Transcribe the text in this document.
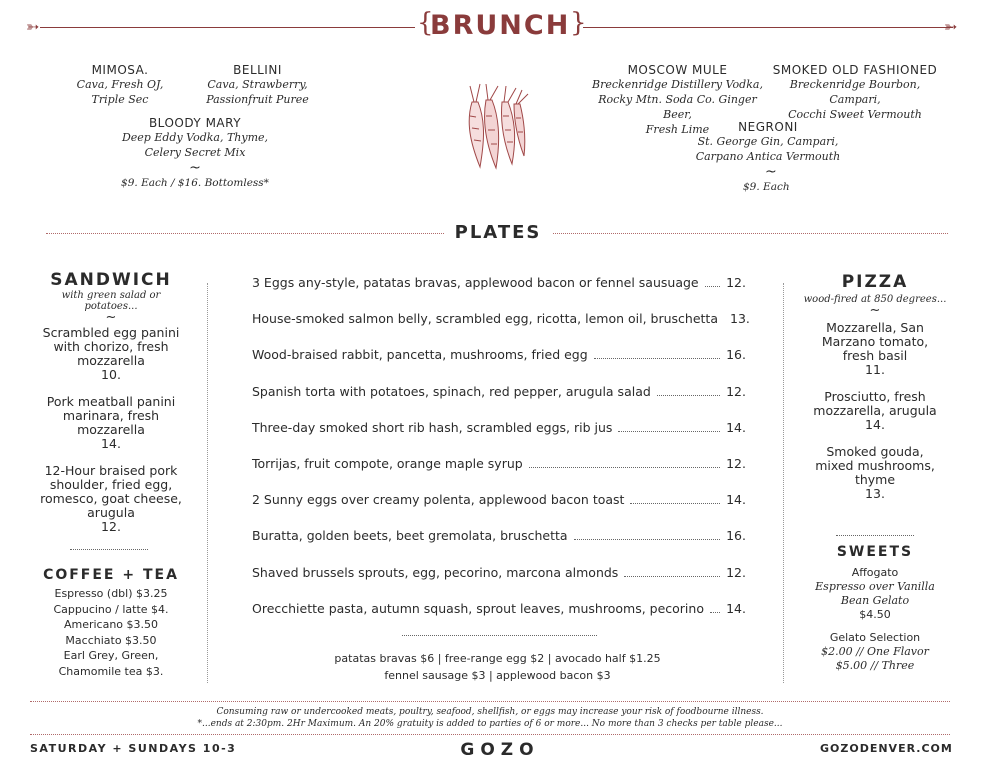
➳	➳
{	}
BRUNCH
MIMOSA.
Cava, Fresh OJ,
Triple Sec
BELLINI
Cava, Strawberry,
Passionfruit Puree
BLOODY MARY
Deep Eddy Vodka, Thyme,
Celery Secret Mix
~
$9. Each / $16. Bottomless*
MOSCOW MULE
Breckenridge Distillery Vodka,
Rocky Mtn. Soda Co. Ginger Beer,
Fresh Lime
SMOKED OLD FASHIONED
Breckenridge Bourbon, Campari,
Cocchi Sweet Vermouth
NEGRONI
St. George Gin, Campari,
Carpano Antica Vermouth
~
$9. Each
PLATES
SANDWICH
with green salad or potatoes...
~
Scrambled egg panini
with chorizo, fresh
mozzarella
10.
Pork meatball panini
marinara, fresh
mozzarella
14.
12-Hour braised pork
shoulder, fried egg,
romesco, goat cheese,
arugula
12.
COFFEE + TEA
Espresso (dbl) $3.25
Cappucino / latte $4.
Americano $3.50
Macchiato $3.50
Earl Grey, Green,
Chamomile tea $3.
3 Eggs any-style, patatas bravas, applewood bacon or fennel sausuage 12.
House-smoked salmon belly, scrambled egg, ricotta, lemon oil, bruschetta 13.
Wood-braised rabbit, pancetta, mushrooms, fried egg	16.
Spanish torta with potatoes, spinach, red pepper, arugula salad	12.
Three-day smoked short rib hash, scrambled eggs, rib jus	14.
Torrijas, fruit compote, orange maple syrup	12.
2 Sunny eggs over creamy polenta, applewood bacon toast	14.
Buratta, golden beets, beet gremolata, bruschetta	16.
Shaved brussels sprouts, egg, pecorino, marcona almonds	12.
Orecchiette pasta, autumn squash, sprout leaves, mushrooms, pecorino 14.
patatas bravas $6 | free-range egg $2 | avocado half $1.25
fennel sausage $3 | applewood bacon $3
PIZZA
wood-fired at 850 degrees...
~
Mozzarella, San
Marzano tomato,
fresh basil
11.
Prosciutto, fresh
mozzarella, arugula
14.
Smoked gouda,
mixed mushrooms,
thyme
13.
SWEETS
Affogato
Espresso over Vanilla
Bean Gelato
$4.50
Gelato Selection
$2.00 // One Flavor
$5.00 // Three
Consuming raw or undercooked meats, poultry, seafood, shellfish, or eggs may increase your risk of foodbourne illness.
*...ends at 2:30pm. 2Hr Maximum. An 20% gratuity is added to parties of 6 or more... No more than 3 checks per table please...
SATURDAY + SUNDAYS 10-3	GOZO	GOZODENVER.COM
